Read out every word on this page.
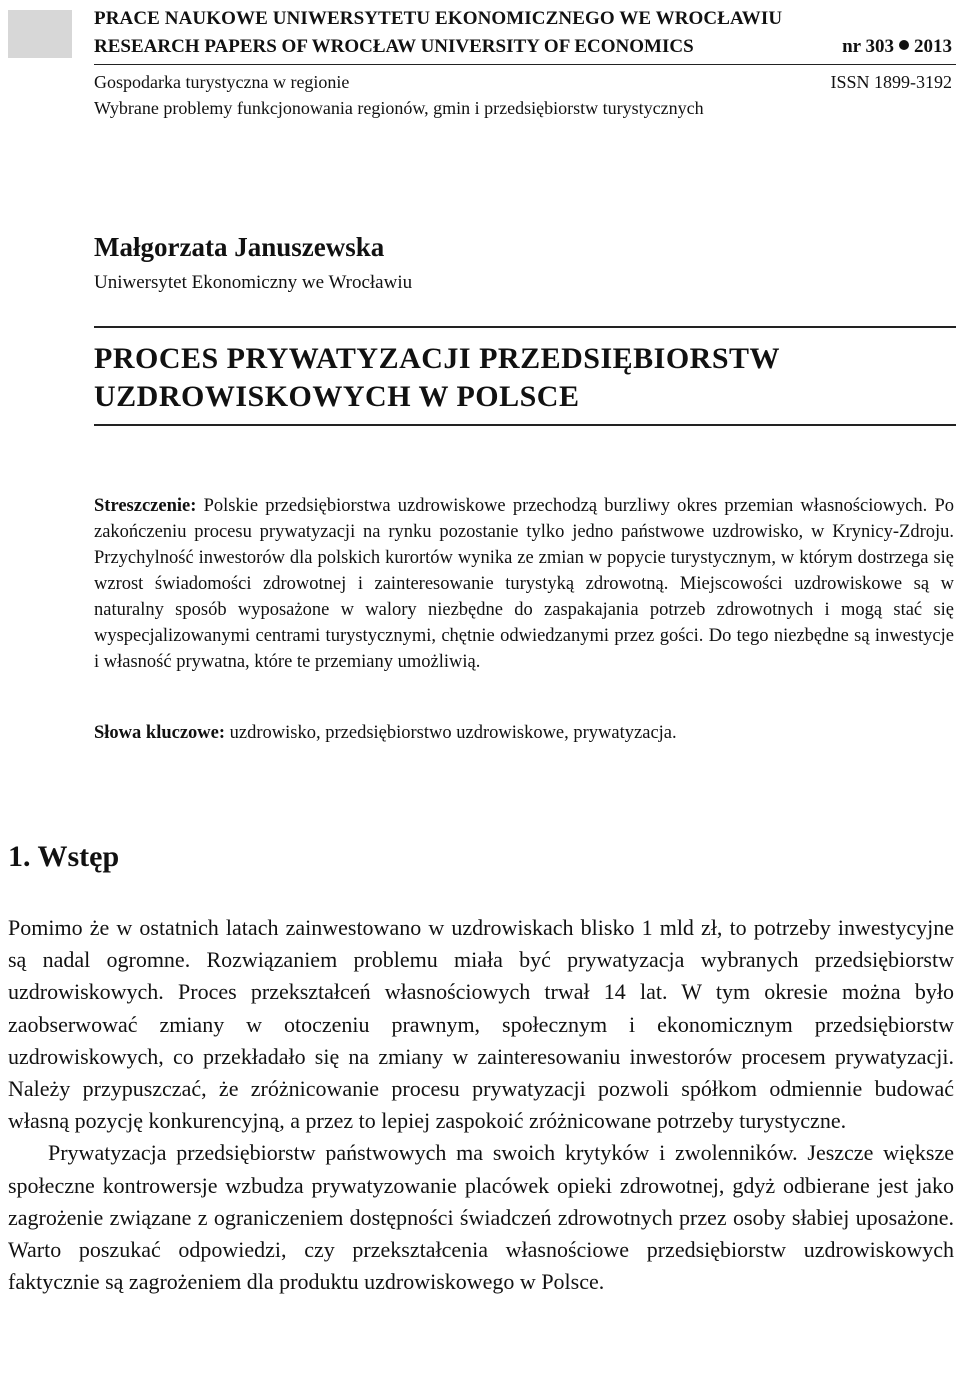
PRACE NAUKOWE UNIWERSYTETU EKONOMICZNEGO WE WROCŁAWIU
RESEARCH PAPERS OF WROCŁAW UNIVERSITY OF ECONOMICS	nr 303 2013
Gospodarka turystyczna w regionie	ISSN 1899-3192
Wybrane problemy funkcjonowania regionów, gmin i przedsiębiorstw turystycznych
Małgorzata Januszewska
Uniwersytet Ekonomiczny we Wrocławiu
PROCES PRYWATYZACJI PRZEDSIĘBIORSTW
UZDROWISKOWYCH W POLSCE
Streszczenie: Polskie przedsiębiorstwa uzdrowiskowe przechodzą burzliwy okres przemian własnościowych. Po zakończeniu procesu prywatyzacji na rynku pozostanie tylko jedno państwowe uzdrowisko, w Krynicy-Zdroju. Przychylność inwestorów dla polskich kurortów wynika ze zmian w popycie turystycznym, w którym dostrzega się wzrost świadomości zdrowotnej i zainteresowanie turystyką zdrowotną. Miejscowości uzdrowiskowe są w naturalny sposób wyposażone w walory niezbędne do zaspakajania potrzeb zdrowotnych i mogą stać się wyspecjalizowanymi centrami turystycznymi, chętnie odwiedzanymi przez gości. Do tego niezbędne są inwestycje i własność prywatna, które te przemiany umożliwią.
Słowa kluczowe: uzdrowisko, przedsiębiorstwo uzdrowiskowe, prywatyzacja.
1. Wstęp

Pomimo że w ostatnich latach zainwestowano w uzdrowiskach blisko 1 mld zł, to potrzeby inwestycyjne są nadal ogromne. Rozwiązaniem problemu miała być prywatyzacja wybranych przedsiębiorstw uzdrowiskowych. Proces przekształceń własnościowych trwał 14 lat. W tym okresie można było zaobserwować zmiany w otoczeniu prawnym, społecznym i ekonomicznym przedsiębiorstw uzdrowiskowych, co przekładało się na zmiany w zainteresowaniu inwestorów procesem prywatyzacji. Należy przypuszczać, że zróżnicowanie procesu prywatyzacji pozwoli spółkom odmiennie budować własną pozycję konkurencyjną, a przez to lepiej zaspokoić zróżnicowane potrzeby turystyczne.

Prywatyzacja przedsiębiorstw państwowych ma swoich krytyków i zwolenników. Jeszcze większe społeczne kontrowersje wzbudza prywatyzowanie placówek opieki zdrowotnej, gdyż odbierane jest jako zagrożenie związane z ograniczeniem dostępności świadczeń zdrowotnych przez osoby słabiej uposażone. Warto poszukać odpowiedzi, czy przekształcenia własnościowe przedsiębiorstw uzdrowiskowych faktycznie są zagrożeniem dla produktu uzdrowiskowego w Polsce.
